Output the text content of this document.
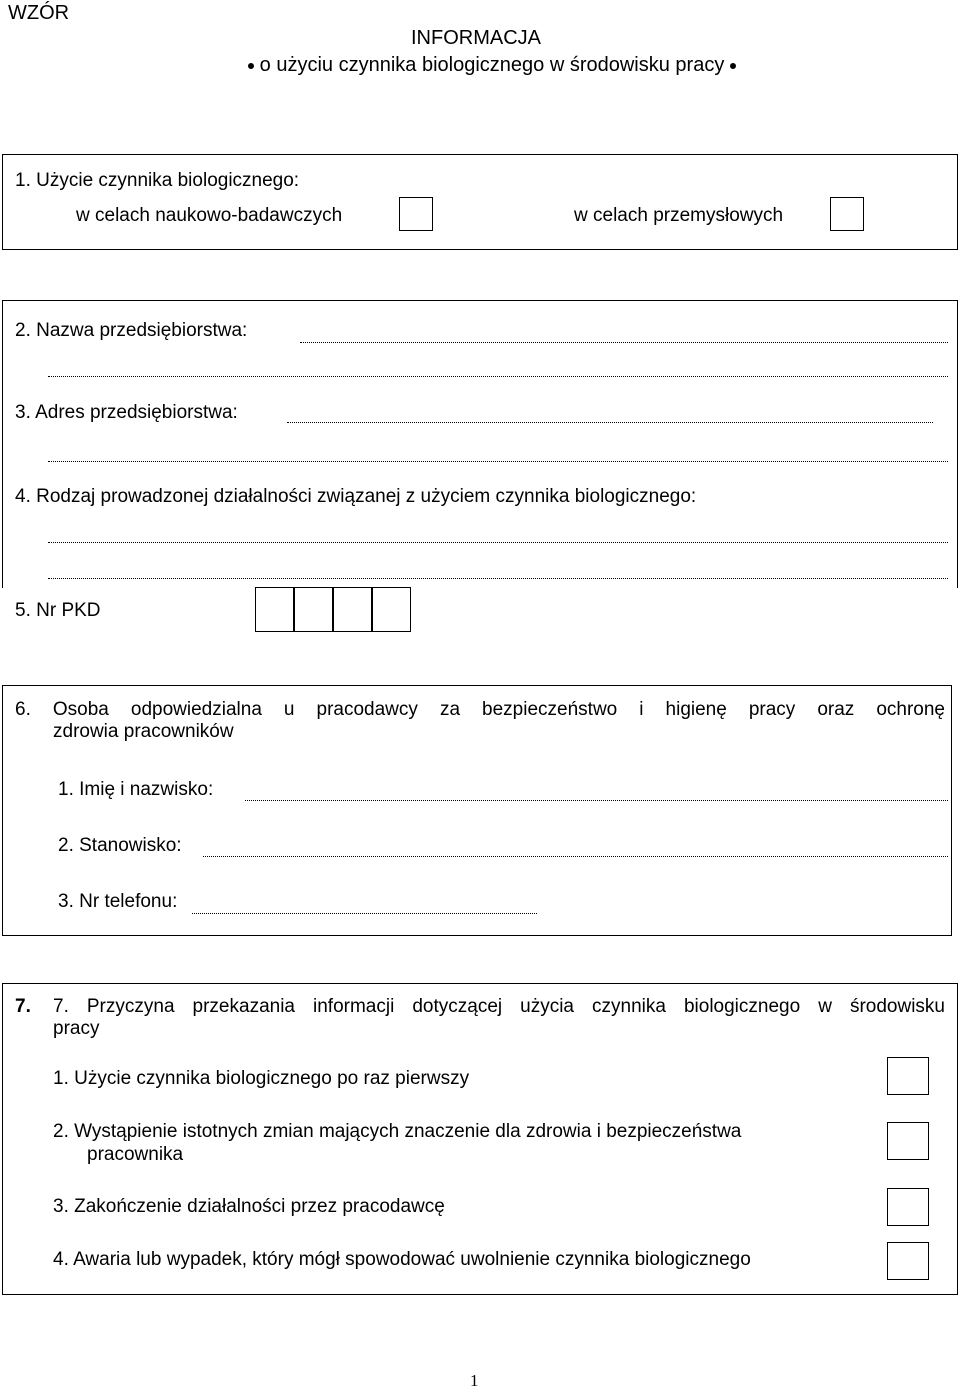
WZÓR
INFORMACJA
o użyciu czynnika biologicznego w środowisku pracy
1. Użycie czynnika biologicznego:
w celach naukowo-badawczych	w celach przemysłowych
2. Nazwa przedsiębiorstwa:
3. Adres przedsiębiorstwa:
4. Rodzaj prowadzonej działalności związanej z użyciem czynnika biologicznego:
5. Nr PKD
6. Osoba odpowiedzialna u pracodawcy za bezpieczeństwo i higienę pracy oraz ochronę
zdrowia pracowników
1. Imię i nazwisko:
2. Stanowisko:
3. Nr telefonu:
7. 7. Przyczyna przekazania informacji dotyczącej użycia czynnika biologicznego w środowisku
pracy
1. Użycie czynnika biologicznego po raz pierwszy
2. Wystąpienie istotnych zmian mających znaczenie dla zdrowia i bezpieczeństwa
pracownika
3. Zakończenie działalności przez pracodawcę
4. Awaria lub wypadek, który mógł spowodować uwolnienie czynnika biologicznego
1
